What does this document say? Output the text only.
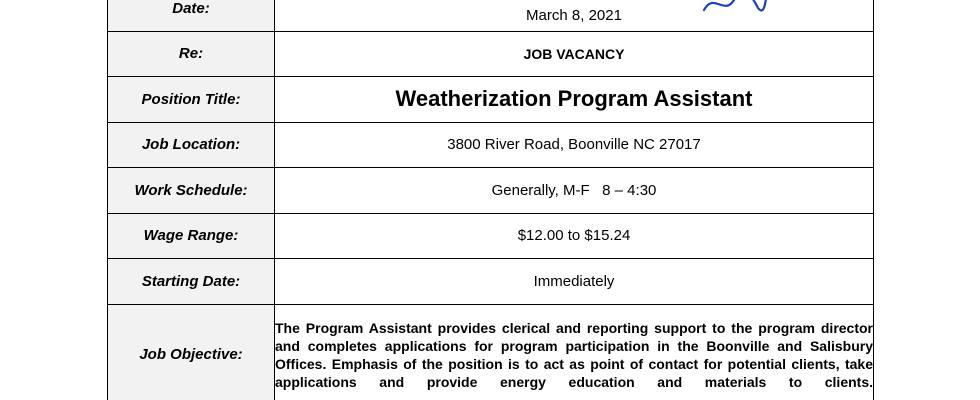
Date:	March 8, 2021
Re:	JOB VACANCY
Position Title:	Weatherization Program Assistant
Job Location:	3800 River Road, Boonville NC 27017
Work Schedule:	Generally, M-F   8 – 4:30
Wage Range:	$12.00 to $15.24
Starting Date:	Immediately
Job Objective:	The Program Assistant provides clerical and reporting support to the program director and completes applications for program participation in the Boonville and Salisbury Offices. Emphasis of the position is to act as point of contact for potential clients, take applications and provide energy education and materials to clients.
